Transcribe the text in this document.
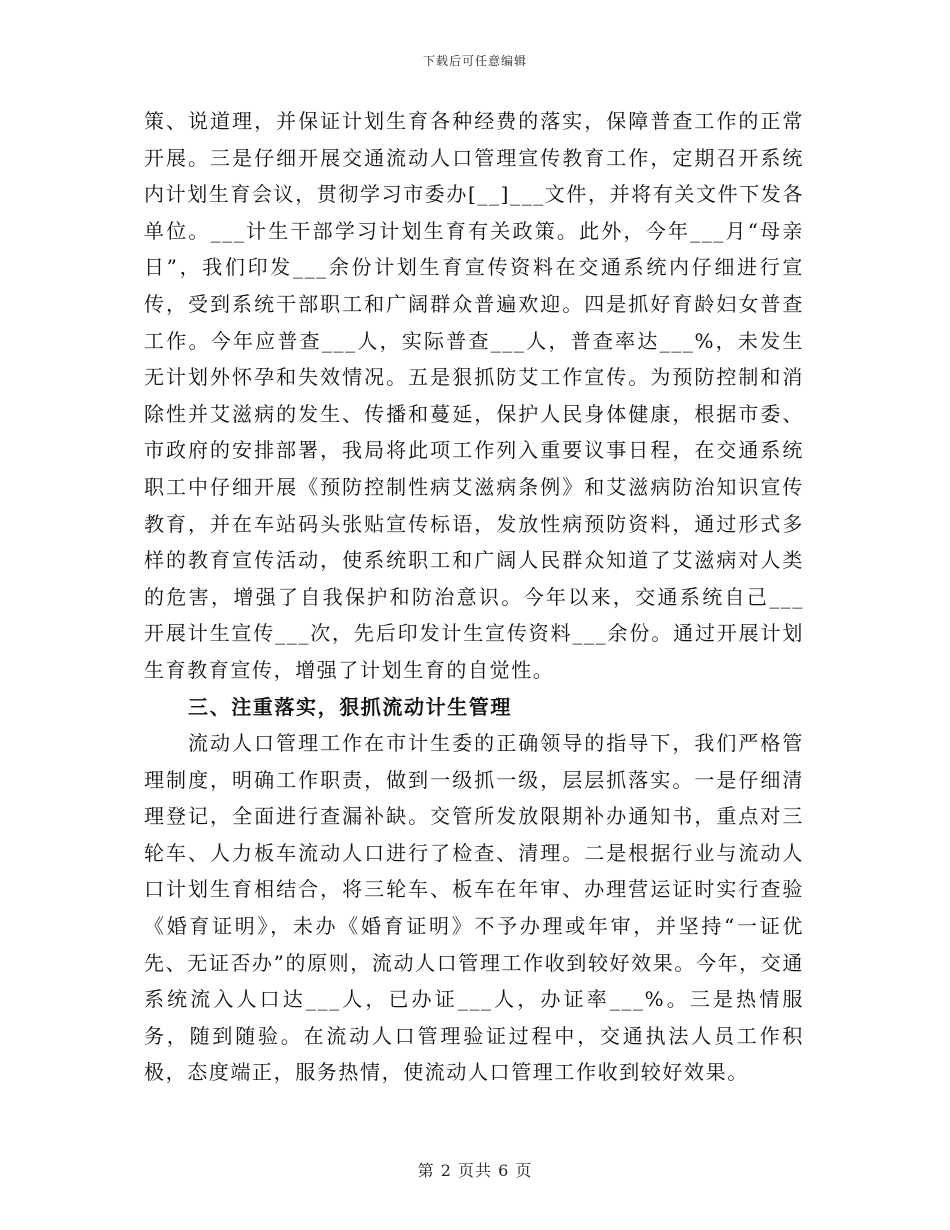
下载后可任意编辑

策、说道理，并保证计划生育各种经费的落实，保障普查工作的正常开展。三是仔细开展交通流动人口管理宣传教育工作，定期召开系统内计划生育会议，贯彻学习市委办[__]___文件，并将有关文件下发各单位。___计生干部学习计划生育有关政策。此外，今年___月“母亲日”，我们印发___余份计划生育宣传资料在交通系统内仔细进行宣传，受到系统干部职工和广阔群众普遍欢迎。四是抓好育龄妇女普查工作。今年应普查___人，实际普查___人，普查率达___%，未发生无计划外怀孕和失效情况。五是狠抓防艾工作宣传。为预防控制和消除性并艾滋病的发生、传播和蔓延，保护人民身体健康，根据市委、市政府的安排部署，我局将此项工作列入重要议事日程，在交通系统职工中仔细开展《预防控制性病艾滋病条例》和艾滋病防治知识宣传教育，并在车站码头张贴宣传标语，发放性病预防资料，通过形式多样的教育宣传活动，使系统职工和广阔人民群众知道了艾滋病对人类的危害，增强了自我保护和防治意识。今年以来，交通系统自己___开展计生宣传___次，先后印发计生宣传资料___余份。通过开展计划生育教育宣传，增强了计划生育的自觉性。

三、注重落实，狠抓流动计生管理

流动人口管理工作在市计生委的正确领导的指导下，我们严格管理制度，明确工作职责，做到一级抓一级，层层抓落实。一是仔细清理登记，全面进行查漏补缺。交管所发放限期补办通知书，重点对三轮车、人力板车流动人口进行了检查、清理。二是根据行业与流动人口计划生育相结合，将三轮车、板车在年审、办理营运证时实行查验《婚育证明》，未办《婚育证明》不予办理或年审，并坚持“一证优先、无证否办”的原则，流动人口管理工作收到较好效果。今年，交通系统流入人口达___人，已办证___人，办证率___%。三是热情服务，随到随验。在流动人口管理验证过程中，交通执法人员工作积极，态度端正，服务热情，使流动人口管理工作收到较好效果。

第 2 页共 6 页
